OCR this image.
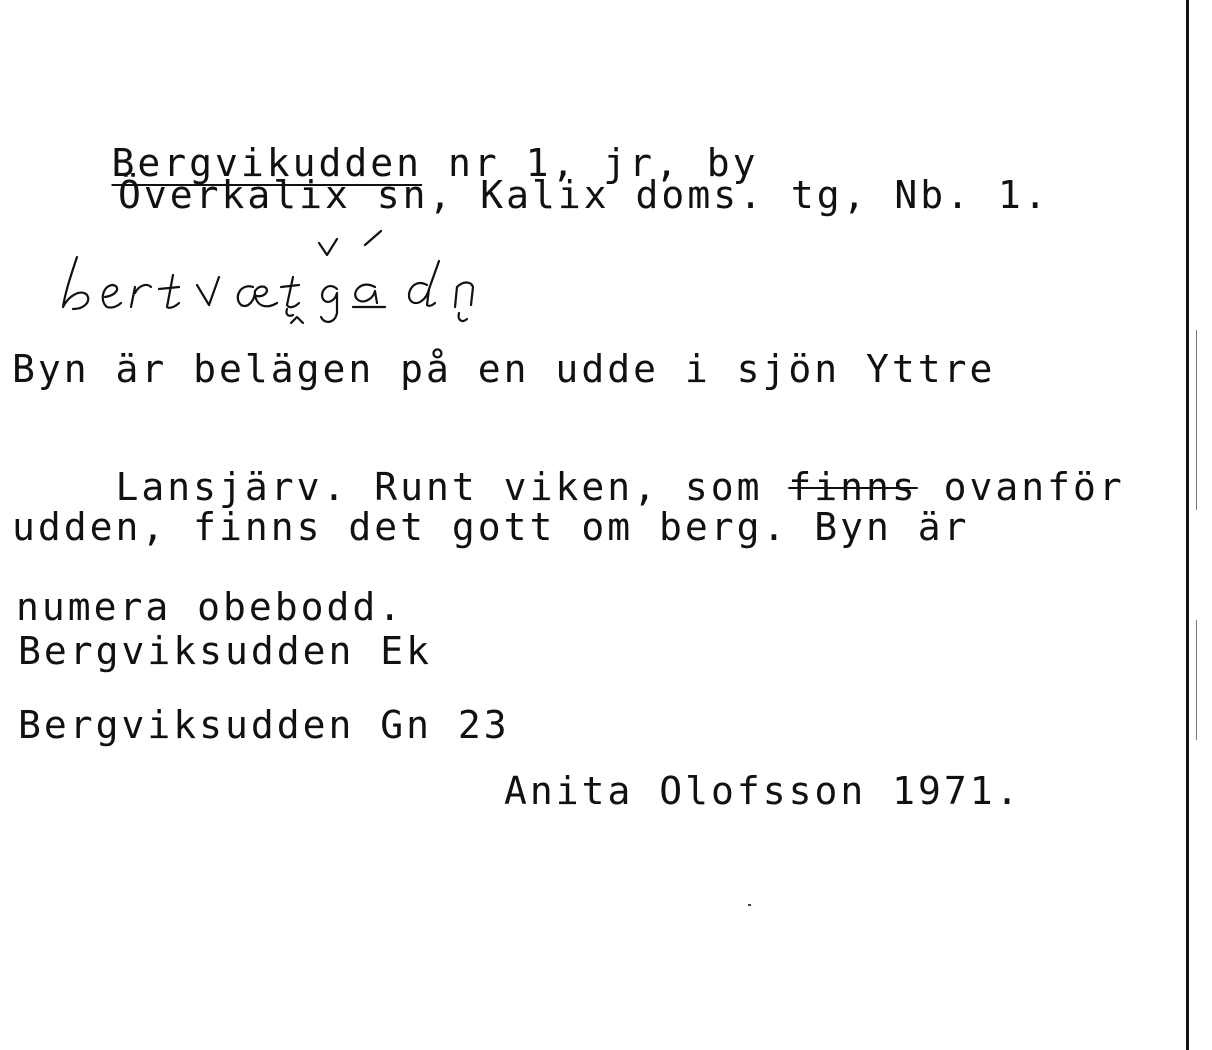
Bergvikudden nr 1, jr, by

Överkalix sn, Kalix doms. tg, Nb. 1.
Byn är belägen på en udde i sjön Yttre

Lansjärv. Runt viken, som finns ovanför

udden, finns det gott om berg. Byn är
numera obebodd.
Bergviksudden Ek
Bergviksudden Gn 23
Anita Olofsson 1971.
